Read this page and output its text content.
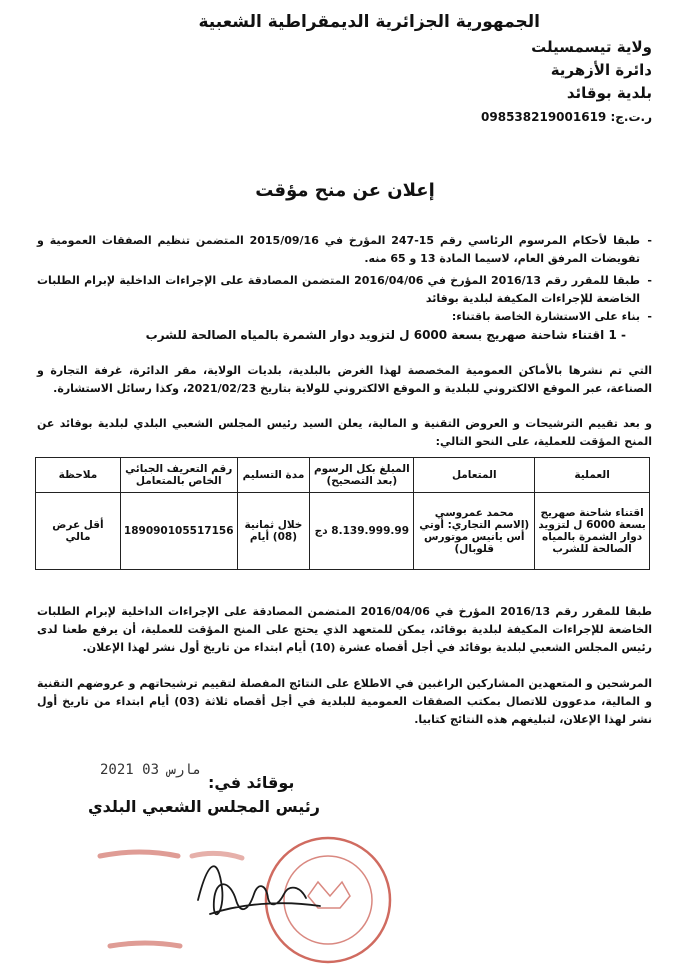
الجمهورية الجزائرية الديمقراطية الشعبية
ولاية تيسمسيلت
دائرة الأزهرية
بلدية بوقائد
ر.ت.ج: 098538219001619
إعلان عن منح مؤقت
- طبقا لأحكام المرسوم الرئاسي رقم 15-247 المؤرخ في 2015/09/16 المتضمن تنظيم الصفقات العمومية و تفويضات المرفق العام، لاسيما المادة 13 و 65 منه.
- طبقا للمقرر رقم 2016/13 المؤرخ في 2016/04/06 المتضمن المصادقة على الإجراءات الداخلية لإبرام الطلبات الخاضعة للإجراءات المكيفة لبلدية بوقائد
- بناء على الاستشارة الخاصة باقتناء:
- 1 اقتناء شاحنة صهريج بسعة 6000 ل لتزويد دوار الشمرة بالمياه الصالحة للشرب
التي تم نشرها بالأماكن العمومية المخصصة لهذا الغرض بالبلدية، بلديات الولاية، مقر الدائرة، غرفة التجارة و الصناعة، عبر الموقع الالكتروني للبلدية و الموقع الالكتروني للولاية بتاريخ 2021/02/23، وكذا رسائل الاستشارة.
و بعد تقييم الترشيحات و العروض التقنية و المالية، يعلن السيد رئيس المجلس الشعبي البلدي لبلدية بوقائد عن المنح المؤقت للعملية، على النحو التالي:
العملية	المتعامل	المبلغ بكل الرسوم (بعد التصحيح)	مدة التسليم	رقم التعريف الجبائي الخاص بالمتعامل	ملاحظة
اقتناء شاحنة صهريج بسعة 6000 ل لتزويد دوار الشمرة بالمياه الصالحة للشرب	محمد عمروسي (الاسم التجاري: أوتي أس يانيس موتورس قلوبال)	8.139.999.99 دج	خلال ثمانية (08) أيام	189090105517156	أقل عرض مالي
طبقا للمقرر رقم 2016/13 المؤرخ في 2016/04/06 المتضمن المصادقة على الإجراءات الداخلية لإبرام الطلبات الخاضعة للإجراءات المكيفة لبلدية بوقائد، يمكن للمتعهد الذي يحتج على المنح المؤقت للعملية، أن يرفع طعنا لدى رئيس المجلس الشعبي لبلدية بوقائد في أجل أقصاه عشرة (10) أيام ابتداء من تاريخ أول نشر لهذا الإعلان.
المرشحين و المتعهدين المشاركين الراغبين في الاطلاع على النتائج المفصلة لتقييم ترشيحاتهم و عروضهم التقنية و المالية، مدعوون للاتصال بمكتب الصفقات العمومية للبلدية في أجل أقصاه ثلاثة (03) أيام ابتداء من تاريخ أول نشر لهذا الإعلان، لتبليغهم هذه النتائج كتابيا.
2021 مارس 03
بوقائد في:
رئيس المجلس الشعبي البلدي
